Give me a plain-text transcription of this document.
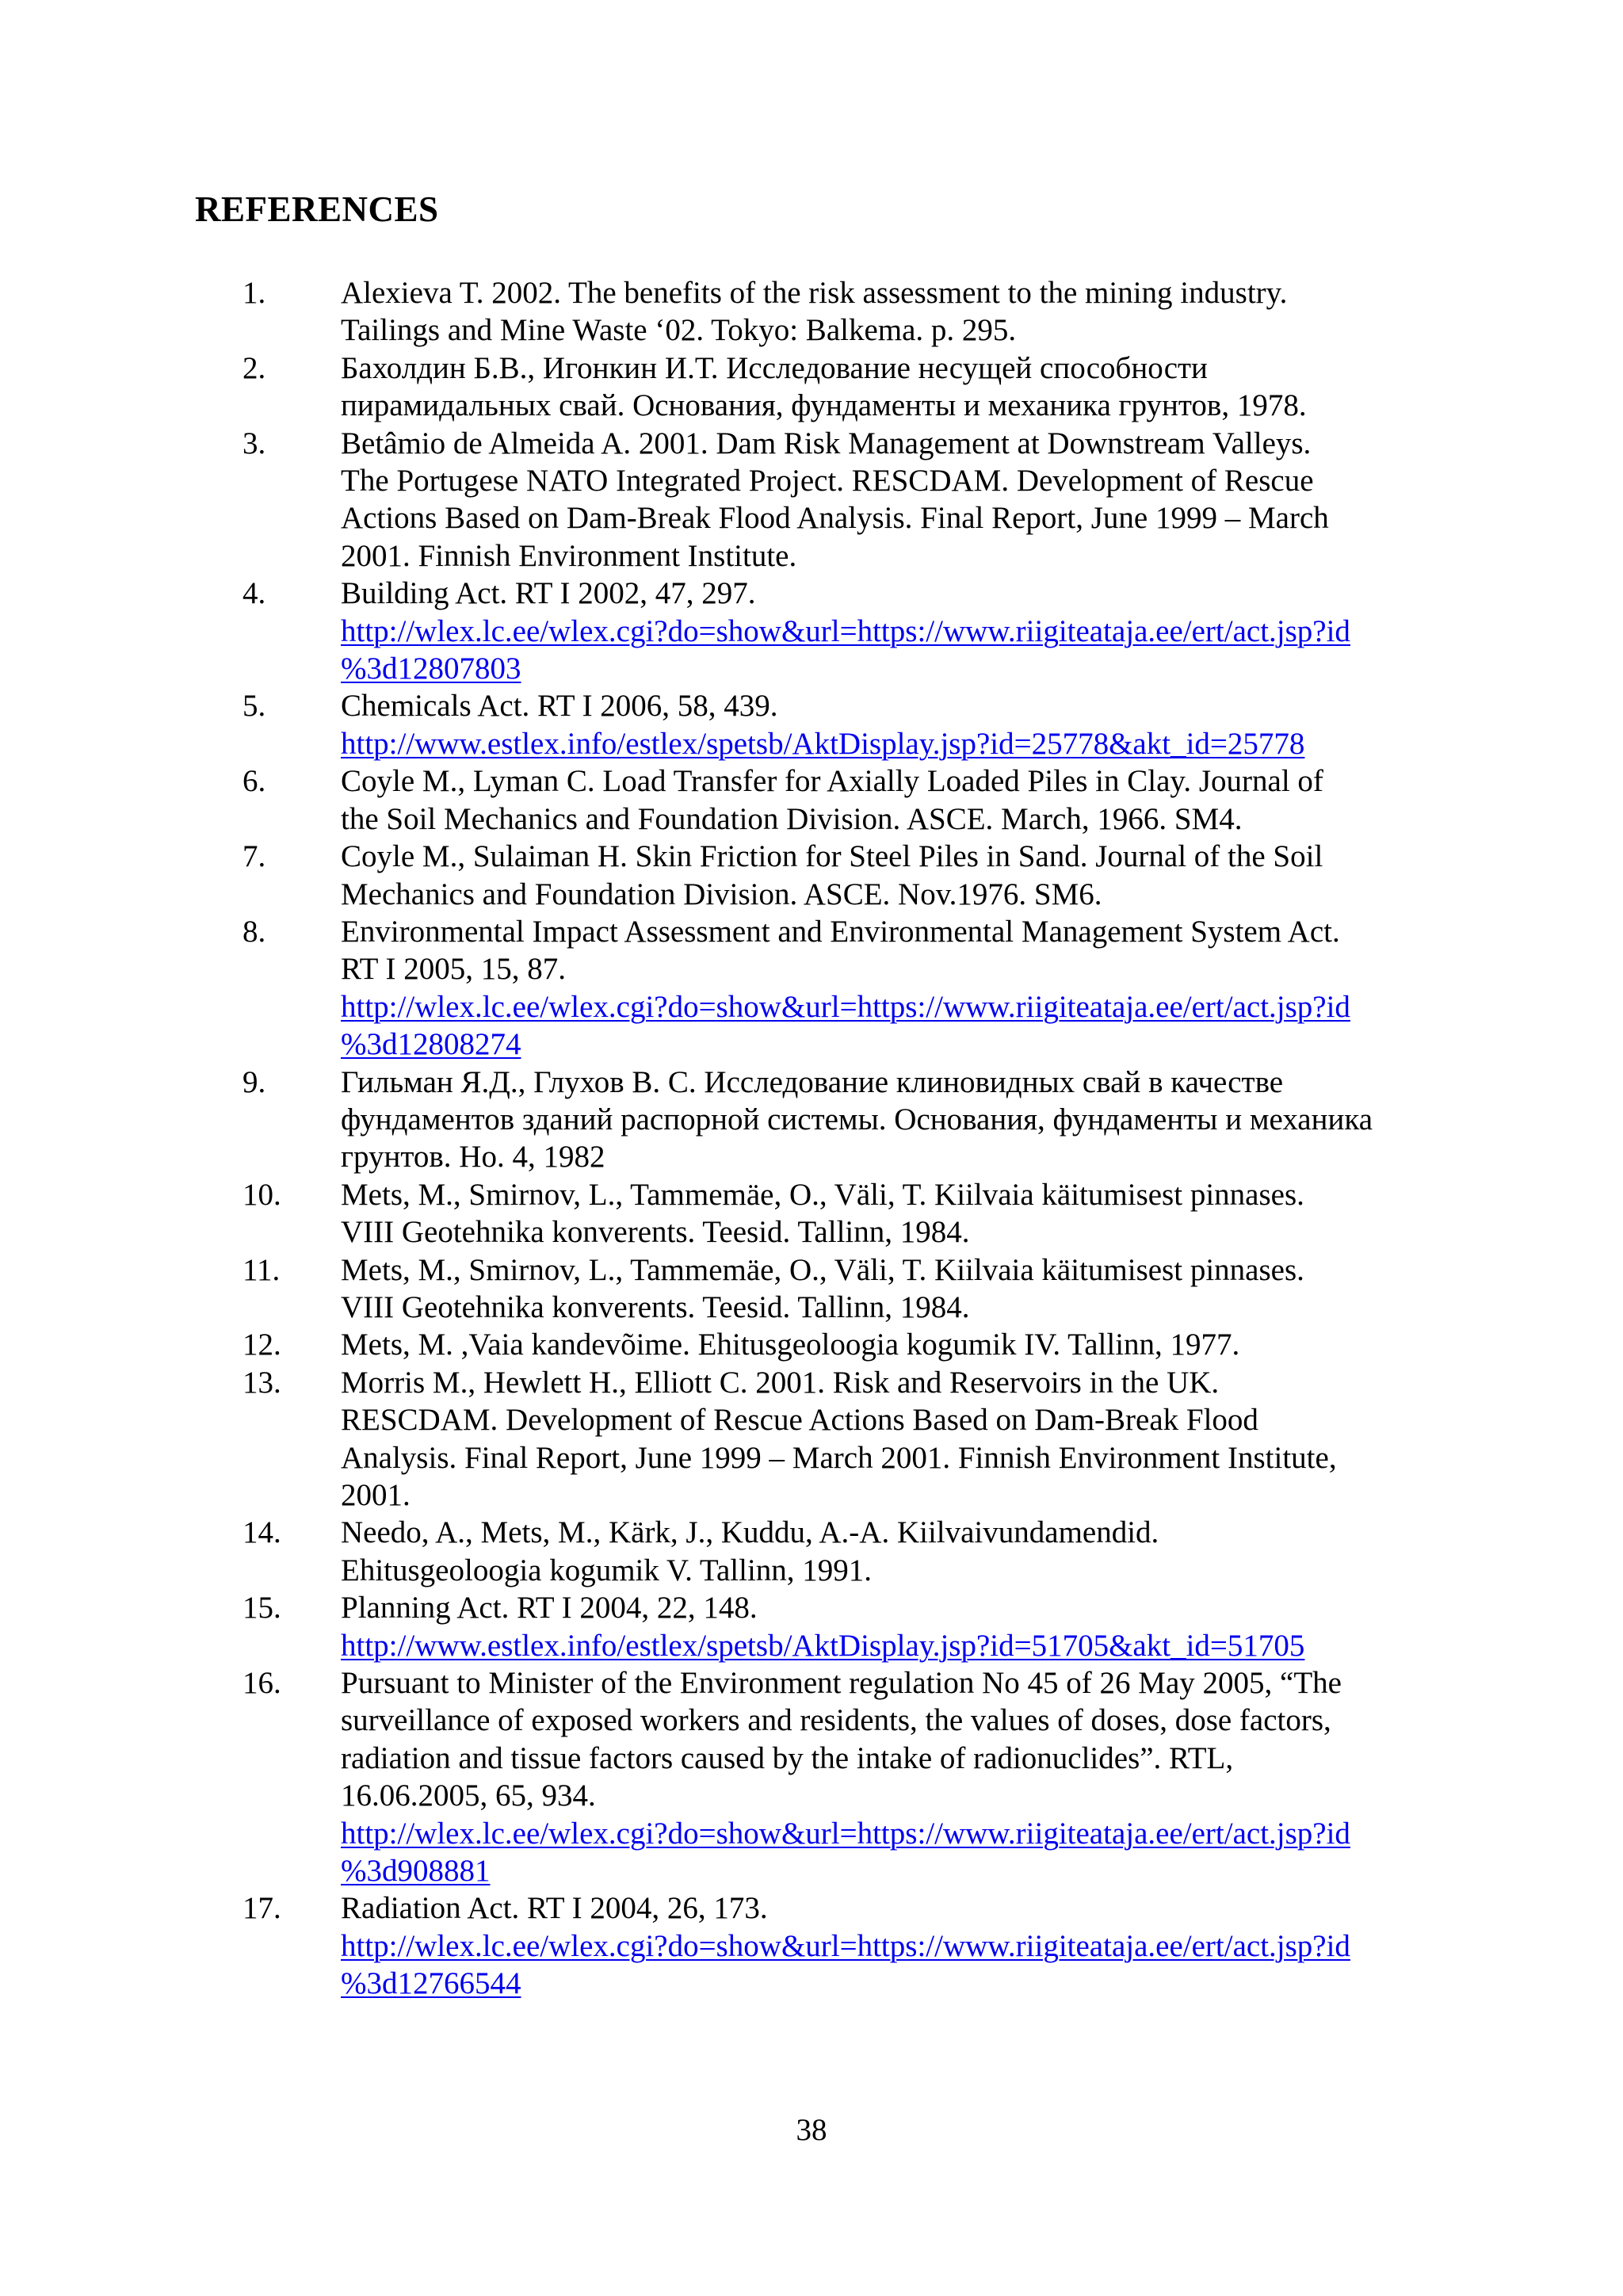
REFERENCES
1.	Alexieva T. 2002. The benefits of the risk assessment to the mining industry.
Tailings and Mine Waste ‘02. Tokyo: Balkema. p. 295.
2.	Бахолдин Б.В., Игонкин И.Т. Исследование несущей способности
пирамидальных свай. Основания, фундаменты и механика грунтов, 1978.
3.	Betâmio de Almeida A. 2001. Dam Risk Management at Downstream Valleys.
The Portugese NATO Integrated Project. RESCDAM. Development of Rescue
Actions Based on Dam-Break Flood Analysis. Final Report, June 1999 – March
2001. Finnish Environment Institute.
4.	Building Act. RT I 2002, 47, 297.
http://wlex.lc.ee/wlex.cgi?do=show&url=https://www.riigiteataja.ee/ert/act.jsp?id
%3d12807803
5.	Chemicals Act. RT I 2006, 58, 439.
http://www.estlex.info/estlex/spetsb/AktDisplay.jsp?id=25778&akt_id=25778
6.	Coyle M., Lyman C. Load Transfer for Axially Loaded Piles in Clay. Journal of
the Soil Mechanics and Foundation Division. ASCE. March, 1966. SM4.
7.	Coyle M., Sulaiman H. Skin Friction for Steel Piles in Sand. Journal of the Soil
Mechanics and Foundation Division. ASCE. Nov.1976. SM6.
8.	Environmental Impact Assessment and Environmental Management System Act.
RT I 2005, 15, 87.
http://wlex.lc.ee/wlex.cgi?do=show&url=https://www.riigiteataja.ee/ert/act.jsp?id
%3d12808274
9.	Гильман Я.Д., Глухов В. С. Исследование клиновидных свай в качестве
фундаментов зданий распорной системы. Основания, фундаменты и механика
грунтов. Но. 4, 1982
10.	Mets, M., Smirnov, L., Tammemäe, O., Väli, T. Kiilvaia käitumisest pinnases.
VIII Geotehnika konverents. Teesid. Tallinn, 1984.
11.	Mets, M., Smirnov, L., Tammemäe, O., Väli, T. Kiilvaia käitumisest pinnases.
VIII Geotehnika konverents. Teesid. Tallinn, 1984.
12.	Mets, M. ,Vaia kandevõime. Ehitusgeoloogia kogumik IV. Tallinn, 1977.
13.	Morris M., Hewlett H., Elliott C. 2001. Risk and Reservoirs in the UK.
RESCDAM. Development of Rescue Actions Based on Dam-Break Flood
Analysis. Final Report, June 1999 – March 2001. Finnish Environment Institute,
2001.
14.	Needo, A., Mets, M., Kärk, J., Kuddu, A.-A. Kiilvaivundamendid.
Ehitusgeoloogia kogumik V. Tallinn, 1991.
15.	Planning Act. RT I 2004, 22, 148.
http://www.estlex.info/estlex/spetsb/AktDisplay.jsp?id=51705&akt_id=51705
16.	Pursuant to Minister of the Environment regulation No 45 of 26 May 2005, “The
surveillance of exposed workers and residents, the values of doses, dose factors,
radiation and tissue factors caused by the intake of radionuclides”. RTL,
16.06.2005, 65, 934.
http://wlex.lc.ee/wlex.cgi?do=show&url=https://www.riigiteataja.ee/ert/act.jsp?id
%3d908881
17.	Radiation Act. RT I 2004, 26, 173.
http://wlex.lc.ee/wlex.cgi?do=show&url=https://www.riigiteataja.ee/ert/act.jsp?id
%3d12766544
38
